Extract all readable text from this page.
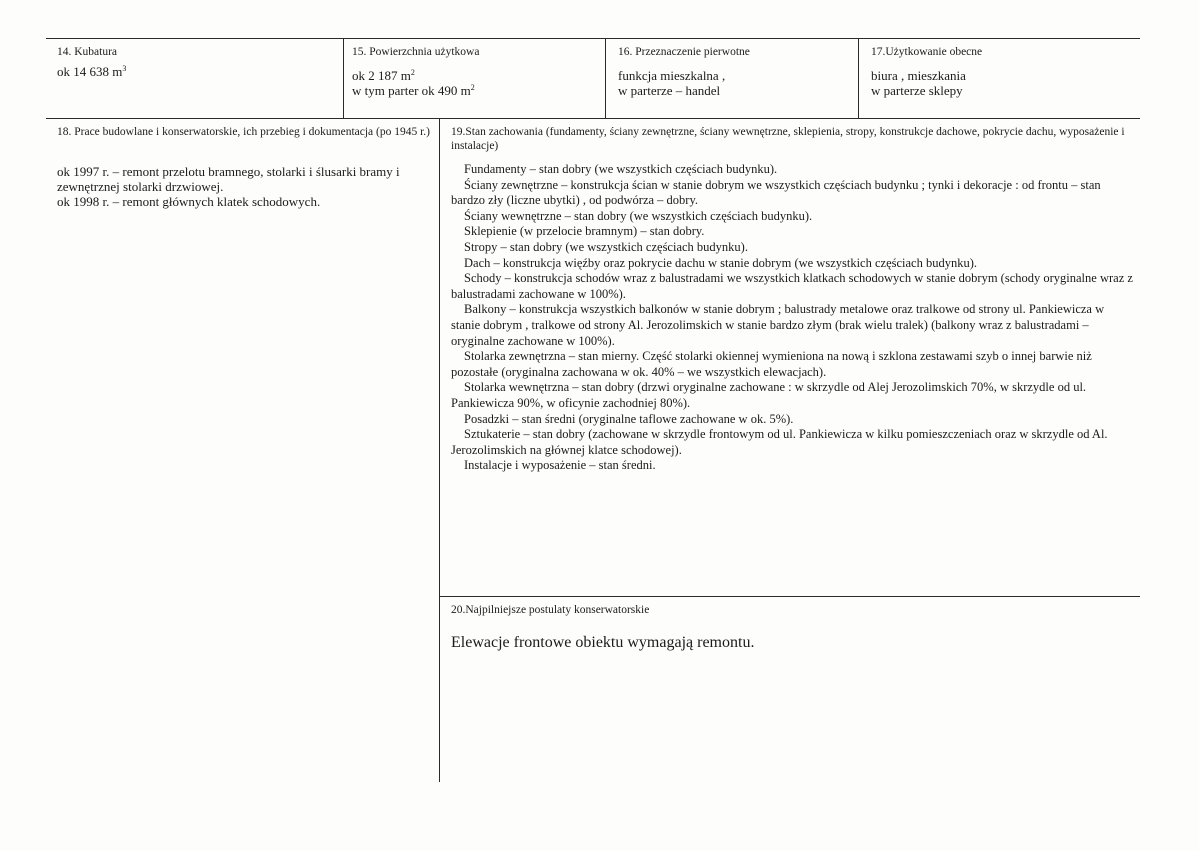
14. Kubatura
ok 14 638 $m^3$
15. Powierzchnia użytkowa
ok 2 187 $m^2$
w tym parter ok 490 $m^2$
16. Przeznaczenie pierwotne
funkcja mieszkalna ,
w parterze – handel
17.Użytkowanie obecne
biura , mieszkania
w parterze sklepy
18. Prace budowlane i konserwatorskie, ich przebieg i dokumentacja (po 1945 r.)
ok 1997 r. – remont przelotu bramnego, stolarki i ślusarki bramy i zewnętrznej stolarki drzwiowej.
ok 1998 r. – remont głównych klatek schodowych.
19.Stan zachowania (fundamenty, ściany zewnętrzne, ściany wewnętrzne, sklepienia, stropy, konstrukcje dachowe, pokrycie dachu, wyposażenie i instalacje)

Fundamenty – stan dobry (we wszystkich częściach budynku).

Ściany zewnętrzne – konstrukcja ścian w stanie dobrym we wszystkich częściach budynku ; tynki i dekoracje : od frontu – stan bardzo zły (liczne ubytki) , od podwórza – dobry.

Ściany wewnętrzne – stan dobry (we wszystkich częściach budynku).

Sklepienie (w przelocie bramnym) – stan dobry.

Stropy – stan dobry (we wszystkich częściach budynku).

Dach – konstrukcja więźby oraz pokrycie dachu w stanie dobrym (we wszystkich częściach budynku).

Schody – konstrukcja schodów wraz z balustradami we wszystkich klatkach schodowych w stanie dobrym (schody oryginalne wraz z balustradami zachowane w 100%).

Balkony – konstrukcja wszystkich balkonów w stanie dobrym ; balustrady metalowe oraz tralkowe od strony ul. Pankiewicza w stanie dobrym , tralkowe od strony Al. Jerozolimskich w stanie bardzo złym (brak wielu tralek) (balkony wraz z balustradami – oryginalne zachowane w 100%).

Stolarka zewnętrzna – stan mierny. Część stolarki okiennej wymieniona na nową i szklona zestawami szyb o innej barwie niż pozostałe (oryginalna zachowana w ok. 40% – we wszystkich elewacjach).

Stolarka wewnętrzna – stan dobry (drzwi oryginalne zachowane : w skrzydle od Alej Jerozolimskich 70%, w skrzydle od ul. Pankiewicza 90%, w oficynie zachodniej 80%).

Posadzki – stan średni (oryginalne taflowe zachowane w ok. 5%).

Sztukaterie – stan dobry (zachowane w skrzydle frontowym od ul. Pankiewicza w kilku pomieszczeniach oraz w skrzydle od Al. Jerozolimskich na głównej klatce schodowej).

Instalacje i wyposażenie – stan średni.

20.Najpilniejsze postulaty konserwatorskie
Elewacje frontowe obiektu wymagają remontu.
